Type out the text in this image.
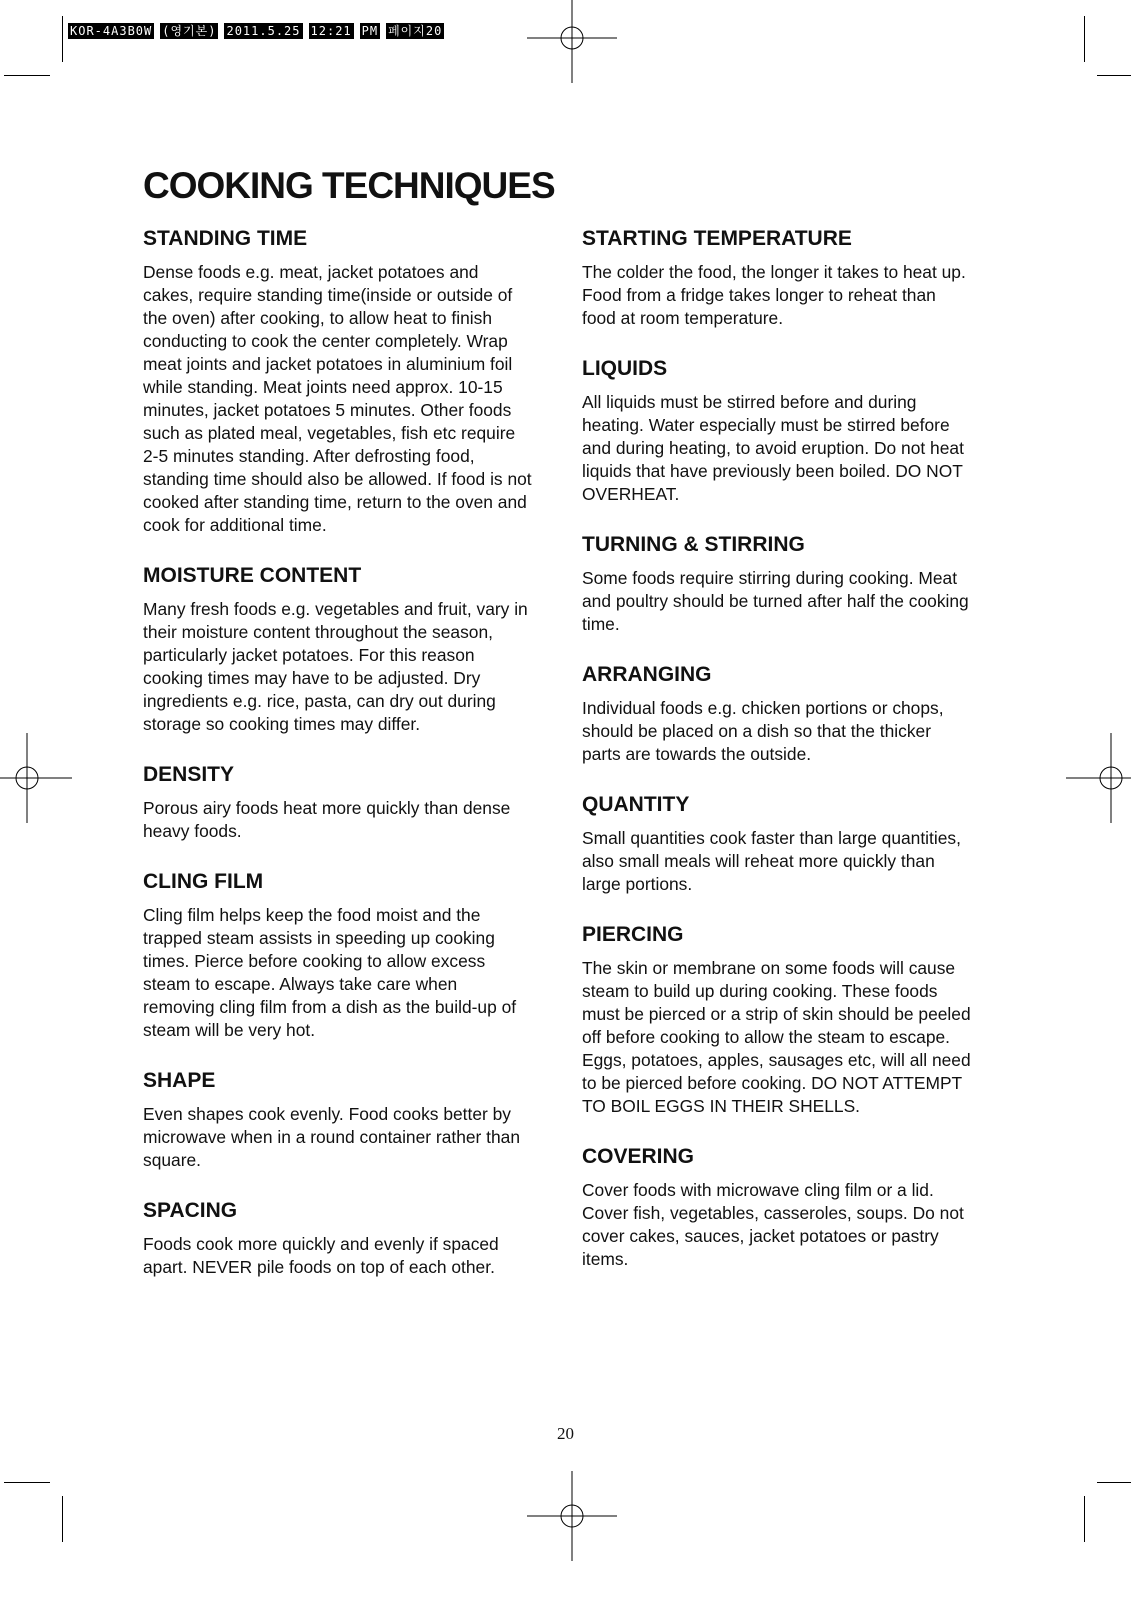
KOR-4A3B0W (영기본) 2011.5.25 12:21 PM 페이지20
COOKING TECHNIQUES
STANDING TIME

Dense foods e.g. meat, jacket potatoes and
cakes, require standing time(inside or outside of
the oven) after cooking, to allow heat to finish
conducting to cook the center completely. Wrap
meat joints and jacket potatoes in aluminium foil
while standing. Meat joints need approx. 10-15
minutes, jacket potatoes 5 minutes. Other foods
such as plated meal, vegetables, fish etc require
2-5 minutes standing. After defrosting food,
standing time should also be allowed. If food is not
cooked after standing time, return to the oven and
cook for additional time.

MOISTURE CONTENT

Many fresh foods e.g. vegetables and fruit, vary in
their moisture content throughout the season,
particularly jacket potatoes. For this reason
cooking times may have to be adjusted. Dry
ingredients e.g. rice, pasta, can dry out during
storage so cooking times may differ.

DENSITY

Porous airy foods heat more quickly than dense
heavy foods.

CLING FILM

Cling film helps keep the food moist and the
trapped steam assists in speeding up cooking
times. Pierce before cooking to allow excess
steam to escape. Always take care when
removing cling film from a dish as the build-up of
steam will be very hot.

SHAPE

Even shapes cook evenly. Food cooks better by
microwave when in a round container rather than
square.

SPACING

Foods cook more quickly and evenly if spaced
apart. NEVER pile foods on top of each other.

STARTING TEMPERATURE

The colder the food, the longer it takes to heat up.
Food from a fridge takes longer to reheat than
food at room temperature.

LIQUIDS

All liquids must be stirred before and during
heating. Water especially must be stirred before
and during heating, to avoid eruption. Do not heat
liquids that have previously been boiled. DO NOT
OVERHEAT.

TURNING & STIRRING

Some foods require stirring during cooking. Meat
and poultry should be turned after half the cooking
time.

ARRANGING

Individual foods e.g. chicken portions or chops,
should be placed on a dish so that the thicker
parts are towards the outside.

QUANTITY

Small quantities cook faster than large quantities,
also small meals will reheat more quickly than
large portions.

PIERCING

The skin or membrane on some foods will cause
steam to build up during cooking. These foods
must be pierced or a strip of skin should be peeled
off before cooking to allow the steam to escape.
Eggs, potatoes, apples, sausages etc, will all need
to be pierced before cooking. DO NOT ATTEMPT
TO BOIL EGGS IN THEIR SHELLS.

COVERING

Cover foods with microwave cling film or a lid.
Cover fish, vegetables, casseroles, soups. Do not
cover cakes, sauces, jacket potatoes or pastry
items.

20
